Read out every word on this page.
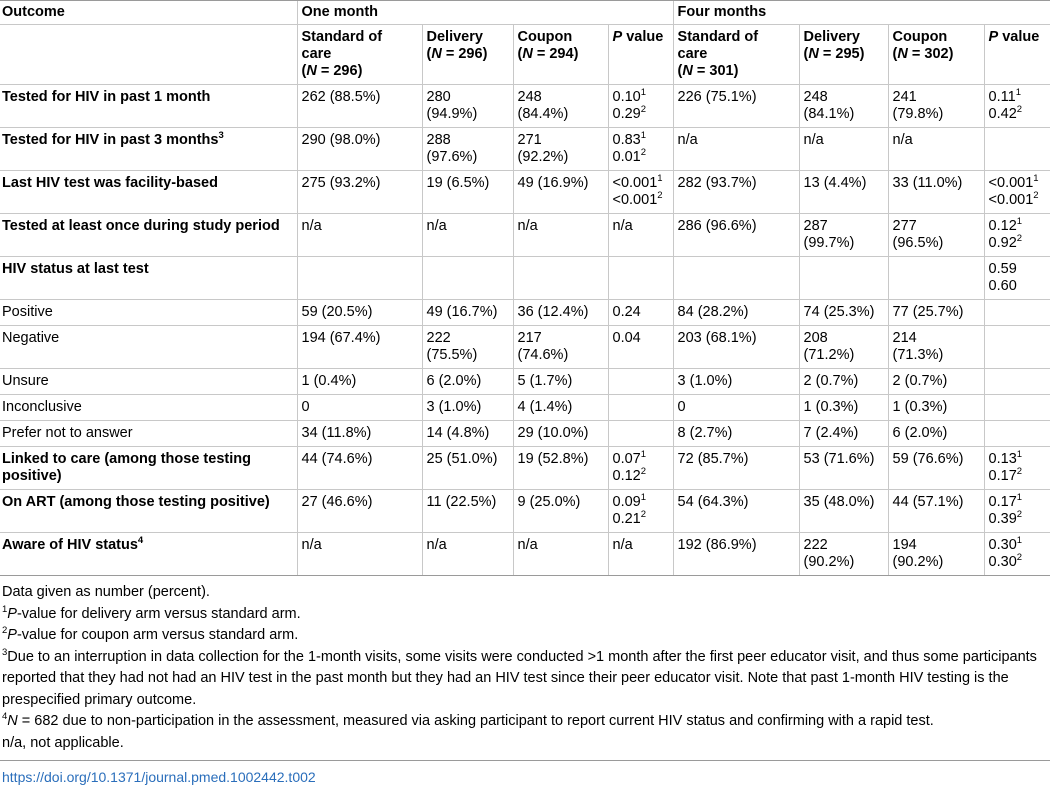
Outcome	One month				Four months			

	Standard of
care
(N = 296)	Delivery
(N = 296)	Coupon
(N = 294)	P value	Standard of
care
(N = 301)	Delivery
(N = 295)	Coupon
(N = 302)	P value
Tested for HIV in past 1 month	262 (88.5%)	280
(94.9%)	248
(84.4%)	0.10$^1$
0.29$^2$	226 (75.1%)	248
(84.1%)	241
(79.8%)	0.11$^1$
0.42$^2$

Tested for HIV in past 3 months$^3$	290 (98.0%)	288
(97.6%)	271
(92.2%)	0.83$^1$
0.01$^2$	n/a	n/a	n/a	

Last HIV test was facility-based	275 (93.2%)	19 (6.5%)	49 (16.9%)	$<0.001^1$
$<0.001^2$	282 (93.7%)	13 (4.4%)	33 (11.0%)	$<0.001^1$
$<0.001^2$

Tested at least once during study period	n/a	n/a	n/a	n/a	286 (96.6%)	287
(99.7%)	277
(96.5%)	0.12$^1$
0.92$^2$

HIV status at last test								0.59
0.60

Positive	59 (20.5%)	49 (16.7%)	36 (12.4%)	0.24	84 (28.2%)	74 (25.3%)	77 (25.7%)	

Negative	194 (67.4%)	222
(75.5%)	217
(74.6%)	0.04	203 (68.1%)	208
(71.2%)	214
(71.3%)	

Unsure	1 (0.4%)	6 (2.0%)	5 (1.7%)		3 (1.0%)	2 (0.7%)	2 (0.7%)	

Inconclusive	0	3 (1.0%)	4 (1.4%)		0	1 (0.3%)	1 (0.3%)	

Prefer not to answer	34 (11.8%)	14 (4.8%)	29 (10.0%)		8 (2.7%)	7 (2.4%)	6 (2.0%)	

Linked to care (among those testing positive)	44 (74.6%)	25 (51.0%)	19 (52.8%)	0.07$^1$
0.12$^2$	72 (85.7%)	53 (71.6%)	59 (76.6%)	0.13$^1$
0.17$^2$

On ART (among those testing positive)	27 (46.6%)	11 (22.5%)	9 (25.0%)	0.09$^1$
0.21$^2$	54 (64.3%)	35 (48.0%)	44 (57.1%)	0.17$^1$
0.39$^2$

Aware of HIV status$^4$	n/a	n/a	n/a	n/a	192 (86.9%)	222
(90.2%)	194
(90.2%)	0.30$^1$
0.30$^2$
Data given as number (percent).
$^1$P-value for delivery arm versus standard arm.
$^2$P-value for coupon arm versus standard arm.
$^3$Due to an interruption in data collection for the 1-month visits, some visits were conducted >1 month after the first peer educator visit, and thus some participants reported that they had not had an HIV test in the past month but they had an HIV test since their peer educator visit. Note that past 1-month HIV testing is the prespecified primary outcome.
$^4$N = 682 due to non-participation in the assessment, measured via asking participant to report current HIV status and confirming with a rapid test.
n/a, not applicable.
https://doi.org/10.1371/journal.pmed.1002442.t002
